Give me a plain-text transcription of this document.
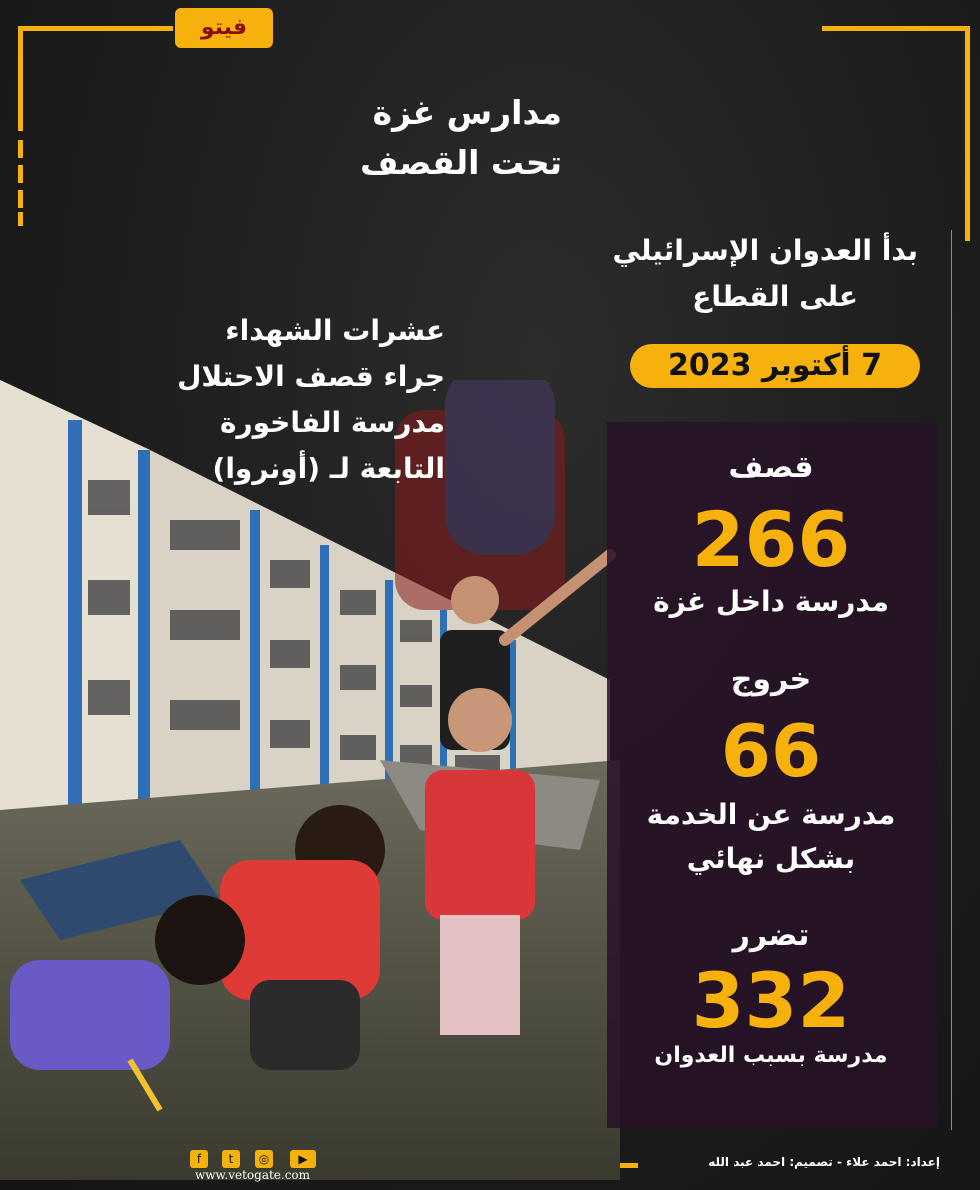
فيتو
مدارس غزة
تحت القصف
بدأ العدوان الإسرائيلي
على القطاع
7 أكتوبر 2023
عشرات الشهداء
جراء قصف الاحتلال
مدرسة الفاخورة
التابعة لـ (أونروا)	قصف
266
مدرسة داخل غزة
خروج
66
مدرسة عن الخدمة
بشكل نهائي
تضرر
332
مدرسة بسبب العدوان
f	t	◎	▶
www.vetogate.com
إعداد: احمد علاء - تصميم: احمد عبد الله
